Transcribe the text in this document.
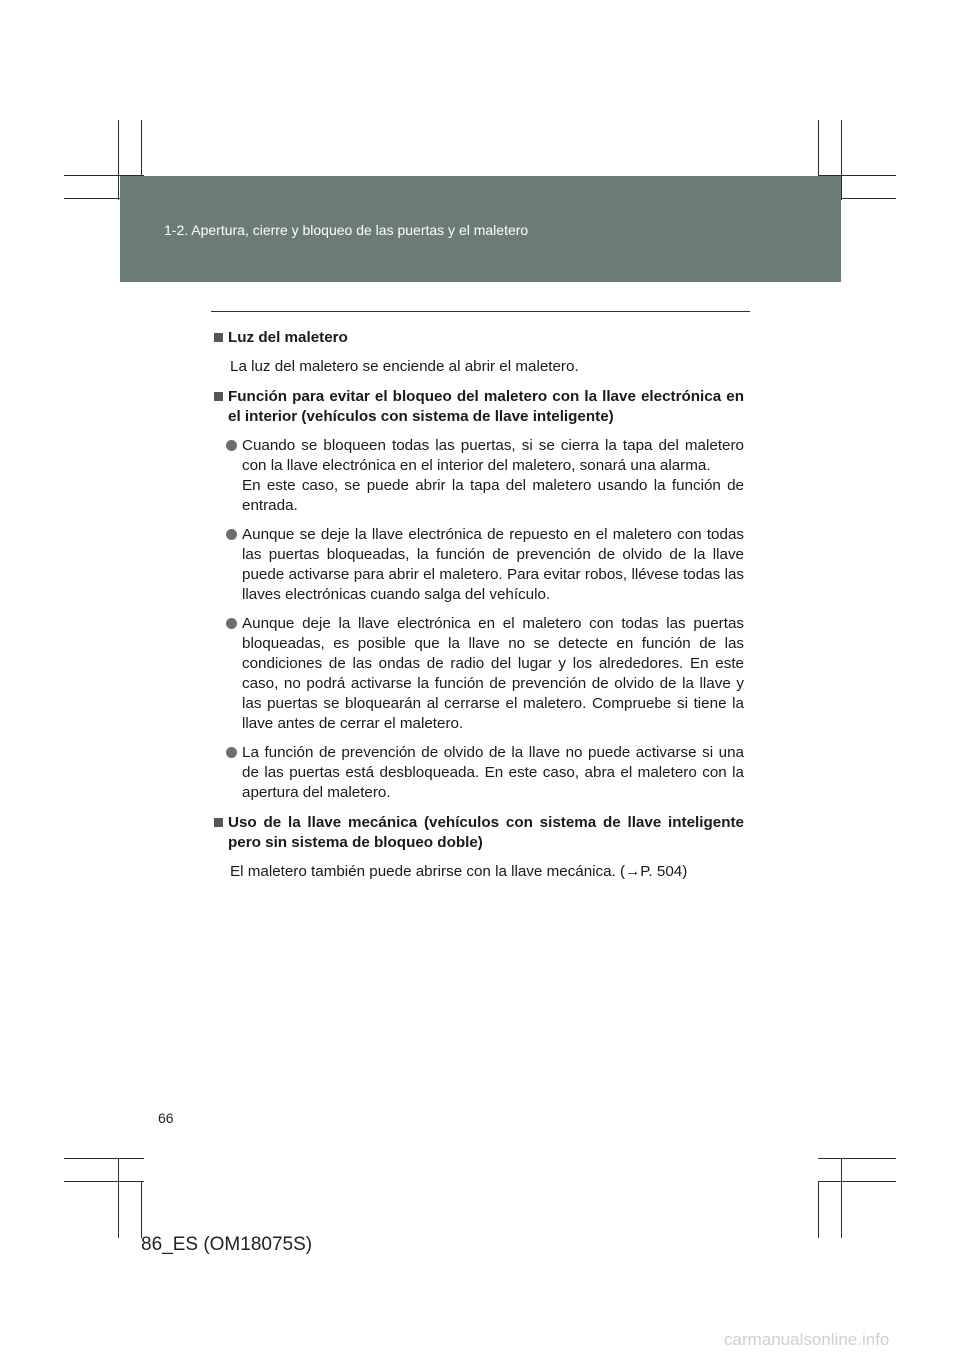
1-2. Apertura, cierre y bloqueo de las puertas y el maletero
Luz del maletero
La luz del maletero se enciende al abrir el maletero.
Función para evitar el bloqueo del maletero con la llave electrónica en el interior (vehículos con sistema de llave inteligente)
Cuando se bloqueen todas las puertas, si se cierra la tapa del maletero con la llave electrónica en el interior del maletero, sonará una alarma.
En este caso, se puede abrir la tapa del maletero usando la función de entrada.
Aunque se deje la llave electrónica de repuesto en el maletero con todas las puertas bloqueadas, la función de prevención de olvido de la llave puede activarse para abrir el maletero. Para evitar robos, llévese todas las llaves electrónicas cuando salga del vehículo.
Aunque deje la llave electrónica en el maletero con todas las puertas bloqueadas, es posible que la llave no se detecte en función de las condiciones de las ondas de radio del lugar y los alrededores. En este caso, no podrá activarse la función de prevención de olvido de la llave y las puertas se bloquearán al cerrarse el maletero. Compruebe si tiene la llave antes de cerrar el maletero.
La función de prevención de olvido de la llave no puede activarse si una de las puertas está desbloqueada. En este caso, abra el maletero con la apertura del maletero.
Uso de la llave mecánica (vehículos con sistema de llave inteligente pero sin sistema de bloqueo doble)
El maletero también puede abrirse con la llave mecánica. (→P. 504)
66
86_ES (OM18075S)
carmanualsonline.info
